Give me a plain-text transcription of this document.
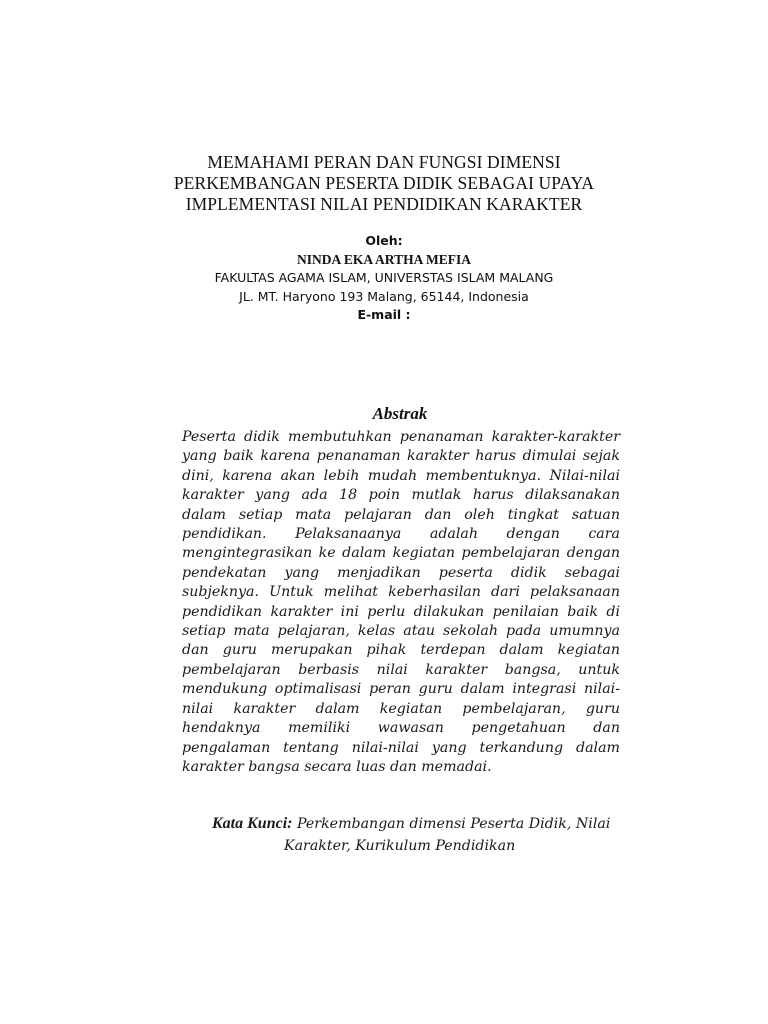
MEMAHAMI PERAN DAN FUNGSI DIMENSI
PERKEMBANGAN PESERTA DIDIK SEBAGAI UPAYA
IMPLEMENTASI NILAI PENDIDIKAN KARAKTER
Oleh:
NINDA EKA ARTHA MEFIA
FAKULTAS AGAMA ISLAM, UNIVERSTAS ISLAM MALANG
JL. MT. Haryono 193 Malang, 65144, Indonesia
E-mail :
Abstrak
Peserta didik membutuhkan penanaman karakter-karakter
yang baik karena penanaman karakter harus dimulai sejak
dini, karena akan lebih mudah membentuknya. Nilai-nilai
karakter yang ada 18 poin mutlak harus dilaksanakan
dalam setiap mata pelajaran dan oleh tingkat satuan
pendidikan. Pelaksanaanya adalah dengan cara
mengintegrasikan ke dalam kegiatan pembelajaran dengan
pendekatan yang menjadikan peserta didik sebagai
subjeknya. Untuk melihat keberhasilan dari pelaksanaan
pendidikan karakter ini perlu dilakukan penilaian baik di
setiap mata pelajaran, kelas atau sekolah pada umumnya
dan guru merupakan pihak terdepan dalam kegiatan
pembelajaran berbasis nilai karakter bangsa, untuk
mendukung optimalisasi peran guru dalam integrasi nilai-
nilai karakter dalam kegiatan pembelajaran, guru
hendaknya memiliki wawasan pengetahuan dan
pengalaman tentang nilai-nilai yang terkandung dalam
karakter bangsa secara luas dan memadai.
Kata Kunci: Perkembangan dimensi Peserta Didik, Nilai
Karakter, Kurikulum Pendidikan
